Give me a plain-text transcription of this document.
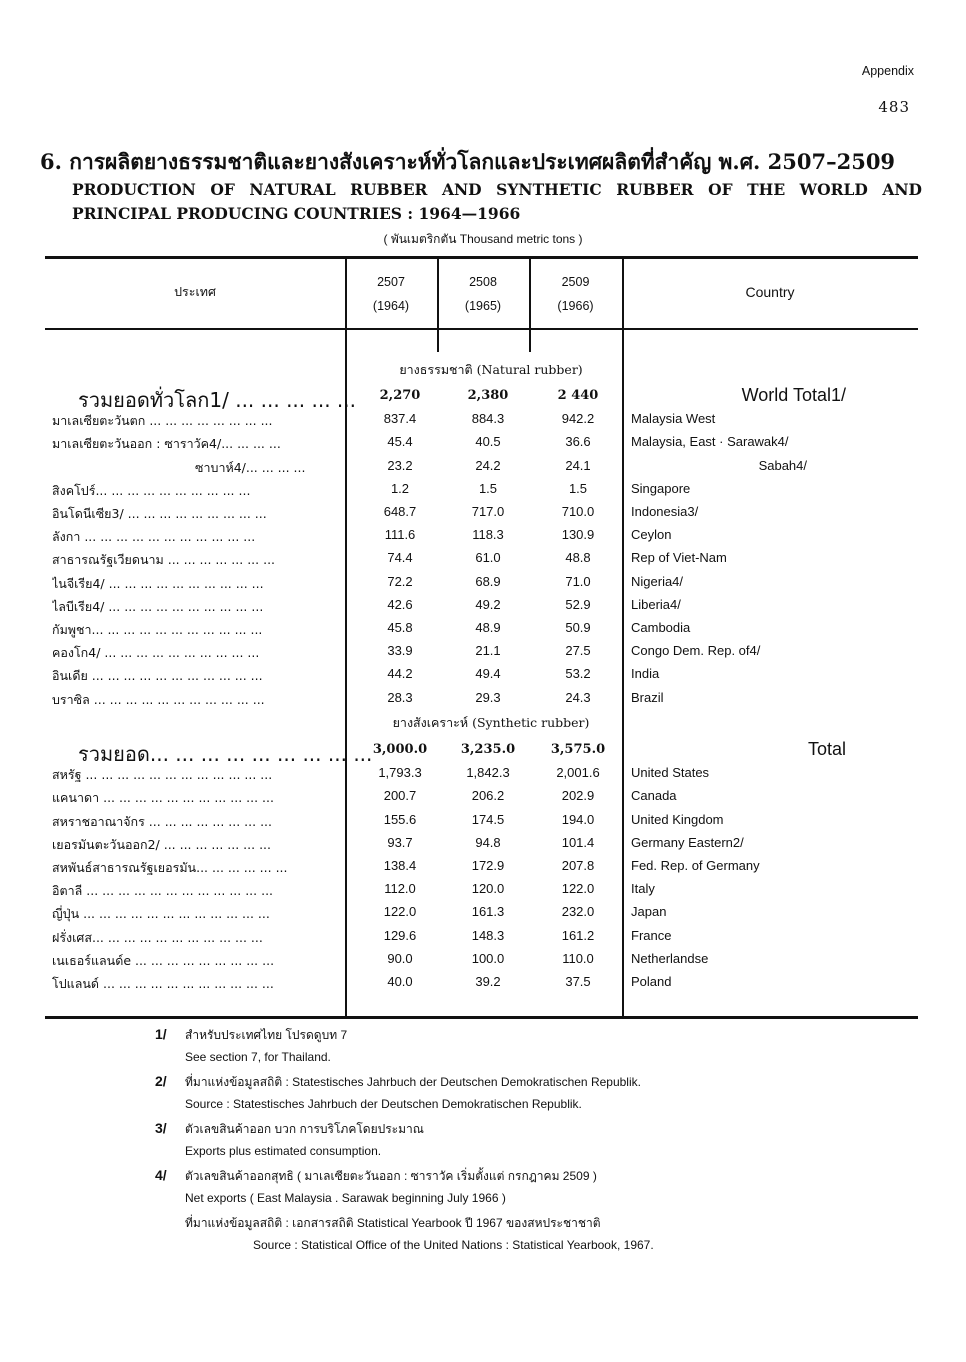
Appendix
483
6. การผลิตยางธรรมชาติและยางสังเคราะห์ทั่วโลกและประเทศผลิตที่สำคัญ พ.ศ. 2507–2509
PRODUCTION OF NATURAL RUBBER AND SYNTHETIC RUBBER OF THE WORLD AND PRINCIPAL PRODUCING COUNTRIES : 1964—1966
( พันเมตริกตัน Thousand metric tons )
ประเทศ
2507
(1964)
2508
(1965)
2509
(1966)
Country
ยางธรรมชาติ (Natural rubber)
ยางสังเคราะห์ (Synthetic rubber)
รวมยอดทั่วโลก1/ ... ... ... ... ...	2,270	2,380	2 440	World Total1/
มาเลเซียตะวันตก ... ... ... ... ... ... ... ...	837.4	884.3	942.2	Malaysia West
มาเลเซียตะวันออก : ซาราวัค4/... ... ... ...	45.4	40.5	36.6	Malaysia, East · Sarawak4/
ซาบาห์4/... ... ... ...	23.2	24.2	24.1	Sabah4/
สิงคโปร์... ... ... ... ... ... ... ... ... ...	1.2	1.5	1.5	Singapore
อินโดนีเซีย3/ ... ... ... ... ... ... ... ... ...	648.7	717.0	710.0	Indonesia3/
ลังกา ... ... ... ... ... ... ... ... ... ... ...	111.6	118.3	130.9	Ceylon
สาธารณรัฐเวียดนาม ... ... ... ... ... ... ...	74.4	61.0	48.8	Rep of Viet-Nam
ไนจีเรีย4/ ... ... ... ... ... ... ... ... ... ...	72.2	68.9	71.0	Nigeria4/
ไลบีเรีย4/ ... ... ... ... ... ... ... ... ... ...	42.6	49.2	52.9	Liberia4/
กัมพูชา... ... ... ... ... ... ... ... ... ... ...	45.8	48.9	50.9	Cambodia
คองโก4/ ... ... ... ... ... ... ... ... ... ...	33.9	21.1	27.5	Congo Dem. Rep. of4/
อินเดีย ... ... ... ... ... ... ... ... ... ... ...	44.2	49.4	53.2	India
บราซิล ... ... ... ... ... ... ... ... ... ... ...	28.3	29.3	24.3	Brazil
รวมยอด... ... ... ... ... ... ... ... ... 3,000.0	3,235.0	3,575.0	Total
สหรัฐ ... ... ... ... ... ... ... ... ... ... ... ...	1,793.3	1,842.3	2,001.6	United States
แคนาดา ... ... ... ... ... ... ... ... ... ... ...	200.7	206.2	202.9	Canada
สหราชอาณาจักร ... ... ... ... ... ... ... ...	155.6	174.5	194.0	United Kingdom
เยอรมันตะวันออก2/ ... ... ... ... ... ... ...	93.7	94.8	101.4	Germany Eastern2/
สหพันธ์สาธารณรัฐเยอรมัน... ... ... ... ... ...	138.4	172.9	207.8	Fed. Rep. of Germany
อิตาลี ... ... ... ... ... ... ... ... ... ... ... ...	112.0	120.0	122.0	Italy
ญี่ปุ่น ... ... ... ... ... ... ... ... ... ... ... ...	122.0	161.3	232.0	Japan
ฝรั่งเศส... ... ... ... ... ... ... ... ... ... ...	129.6	148.3	161.2	France
เนเธอร์แลนด์e ... ... ... ... ... ... ... ... ...	90.0	100.0	110.0	Netherlandse
โปแลนด์ ... ... ... ... ... ... ... ... ... ... ...	40.0	39.2	37.5	Poland
1/ สำหรับประเทศไทย โปรดดูบท 7
See section 7, for Thailand.
2/ ที่มาแห่งข้อมูลสถิติ : Statestisches Jahrbuch der Deutschen Demokratischen Republik.
Source : Statestisches Jahrbuch der Deutschen Demokratischen Republik.
3/ ตัวเลขสินค้าออก บวก การบริโภคโดยประมาณ
Exports plus estimated consumption.
4/ ตัวเลขสินค้าออกสุทธิ ( มาเลเซียตะวันออก : ซาราวัค เริ่มตั้งแต่ กรกฎาคม 2509 )
Net exports ( East Malaysia . Sarawak beginning July 1966 )
ที่มาแห่งข้อมูลสถิติ : เอกสารสถิติ Statistical Yearbook ปี 1967 ของสหประชาชาติ
Source : Statistical Office of the United Nations : Statistical Yearbook, 1967.
